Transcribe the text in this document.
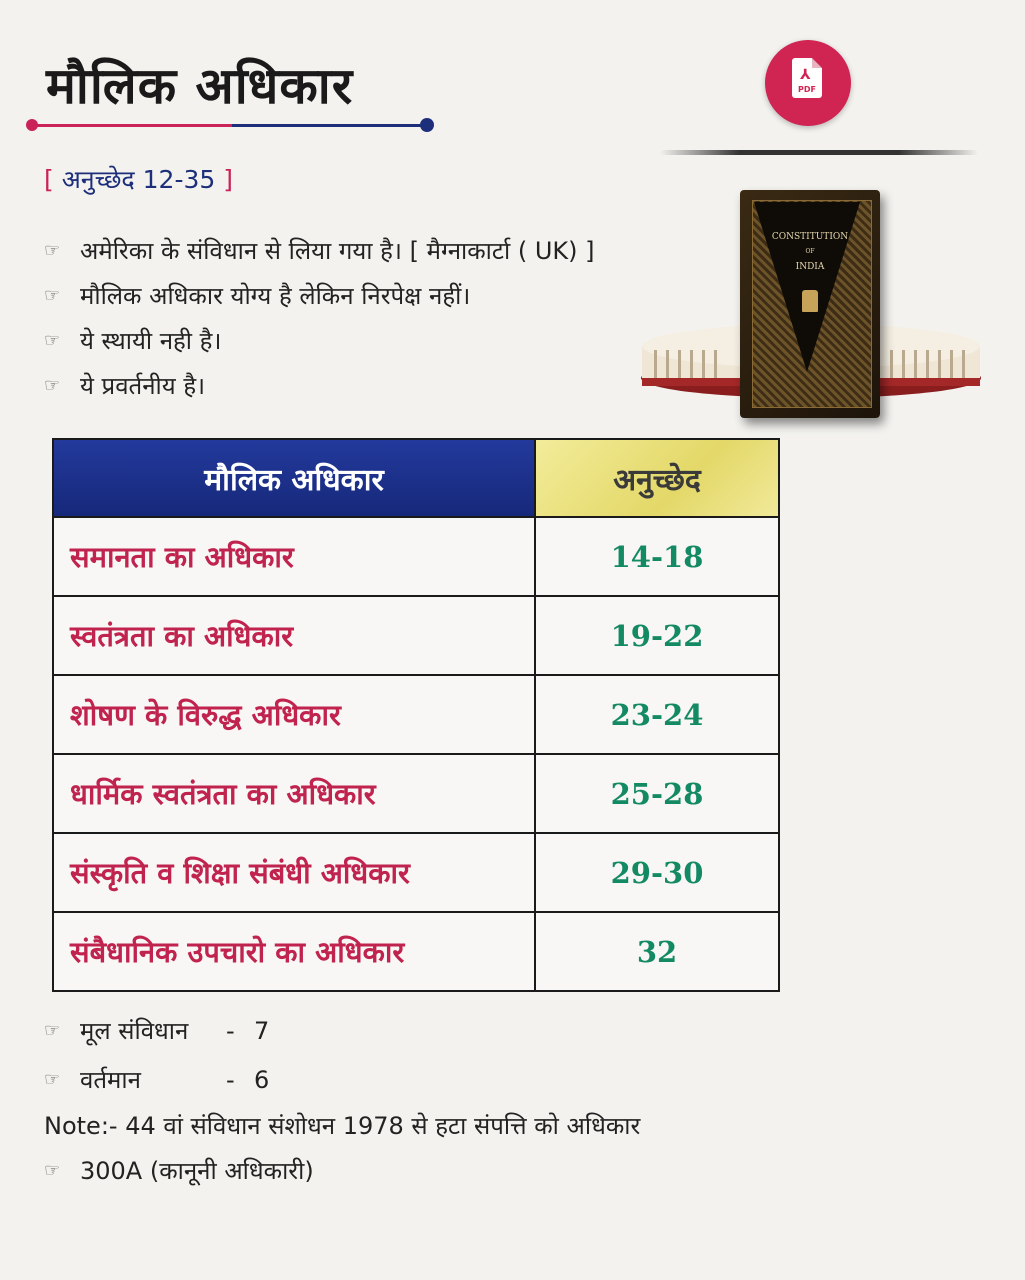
मौलिक अधिकार
[ अनुच्छेद 12-35 ]
⅄
PDF
CONSTITUTION
OF
INDIA
☞ अमेरिका के संविधान से लिया गया है। [ मैग्नाकार्टा ( UK) ]
☞ मौलिक अधिकार योग्य है लेकिन निरपेक्ष नहीं।
☞ ये स्थायी नही है।
☞ ये प्रवर्तनीय है।
मौलिक अधिकार	अनुच्छेद
समानता का अधिकार	14-18
स्वतंत्रता का अधिकार	19-22
शोषण के विरुद्ध अधिकार	23-24
धार्मिक स्वतंत्रता का अधिकार	25-28
संस्कृति व शिक्षा संबंधी अधिकार	29-30
संबैधानिक उपचारो का अधिकार	32
☞ मूल संविधान	- 7
☞ वर्तमान	- 6
Note:- 44 वां संविधान संशोधन 1978 से हटा संपत्ति को अधिकार
☞ 300A (कानूनी अधिकारी)
